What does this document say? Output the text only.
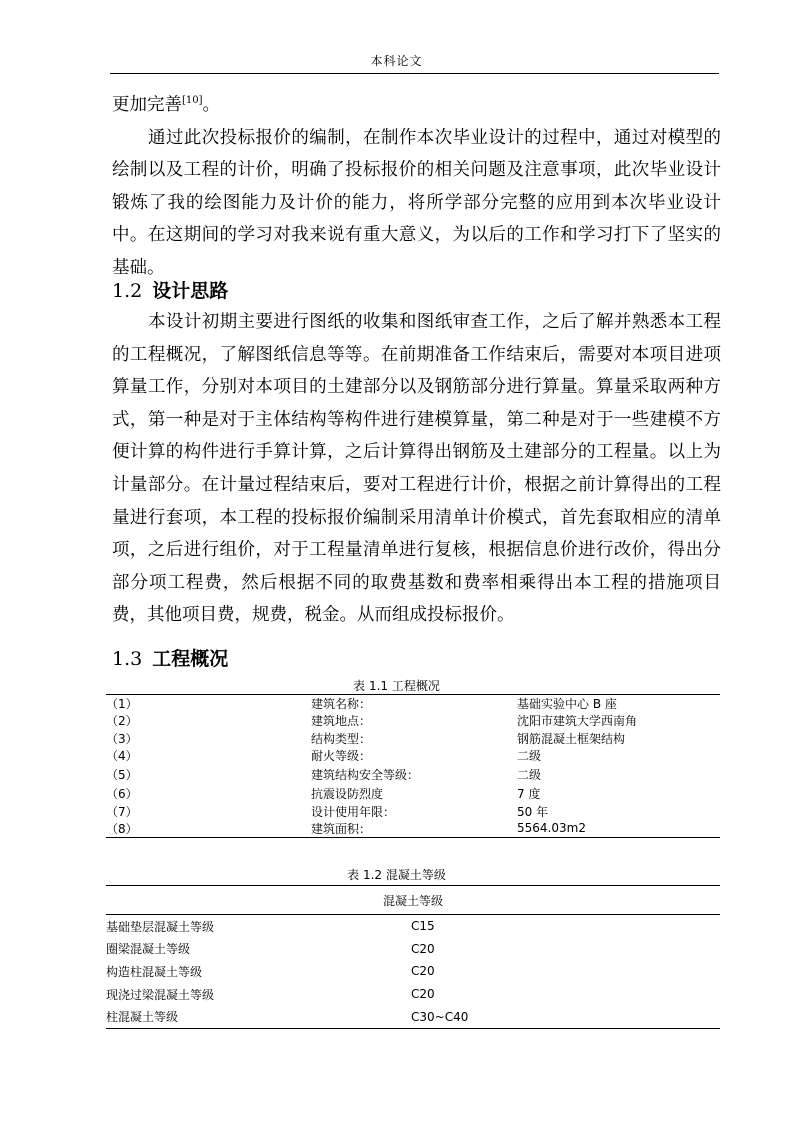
本科论文

更加完善[10]。

通过此次投标报价的编制，在制作本次毕业设计的过程中，通过对模型的绘制以及工程的计价，明确了投标报价的相关问题及注意事项，此次毕业设计锻炼了我的绘图能力及计价的能力，将所学部分完整的应用到本次毕业设计中。在这期间的学习对我来说有重大意义，为以后的工作和学习打下了坚实的基础。

1.2 设计思路

本设计初期主要进行图纸的收集和图纸审查工作，之后了解并熟悉本工程的工程概况，了解图纸信息等等。在前期准备工作结束后，需要对本项目进项算量工作，分别对本项目的土建部分以及钢筋部分进行算量。算量采取两种方式，第一种是对于主体结构等构件进行建模算量，第二种是对于一些建模不方便计算的构件进行手算计算，之后计算得出钢筋及土建部分的工程量。以上为计量部分。在计量过程结束后，要对工程进行计价，根据之前计算得出的工程量进行套项，本工程的投标报价编制采用清单计价模式，首先套取相应的清单项，之后进行组价，对于工程量清单进行复核，根据信息价进行改价，得出分部分项工程费，然后根据不同的取费基数和费率相乘得出本工程的措施项目费，其他项目费，规费，税金。从而组成投标报价。

1.3 工程概况
表 1.1 工程概况
（1）	建筑名称：	基础实验中心 B 座
（2）	建筑地点：	沈阳市建筑大学西南角
（3）	结构类型：	钢筋混凝土框架结构
（4）	耐火等级：	二级
（5）	建筑结构安全等级：	二级
（6）	抗震设防烈度	7 度
（7）	设计使用年限：	50 年
（8）	建筑面积：	5564.03m2
表 1.2 混凝土等级
混凝土等级	
基础垫层混凝土等级	C15
圈梁混凝土等级	C20
构造柱混凝土等级	C20
现浇过梁混凝土等级	C20
柱混凝土等级	C30~C40
